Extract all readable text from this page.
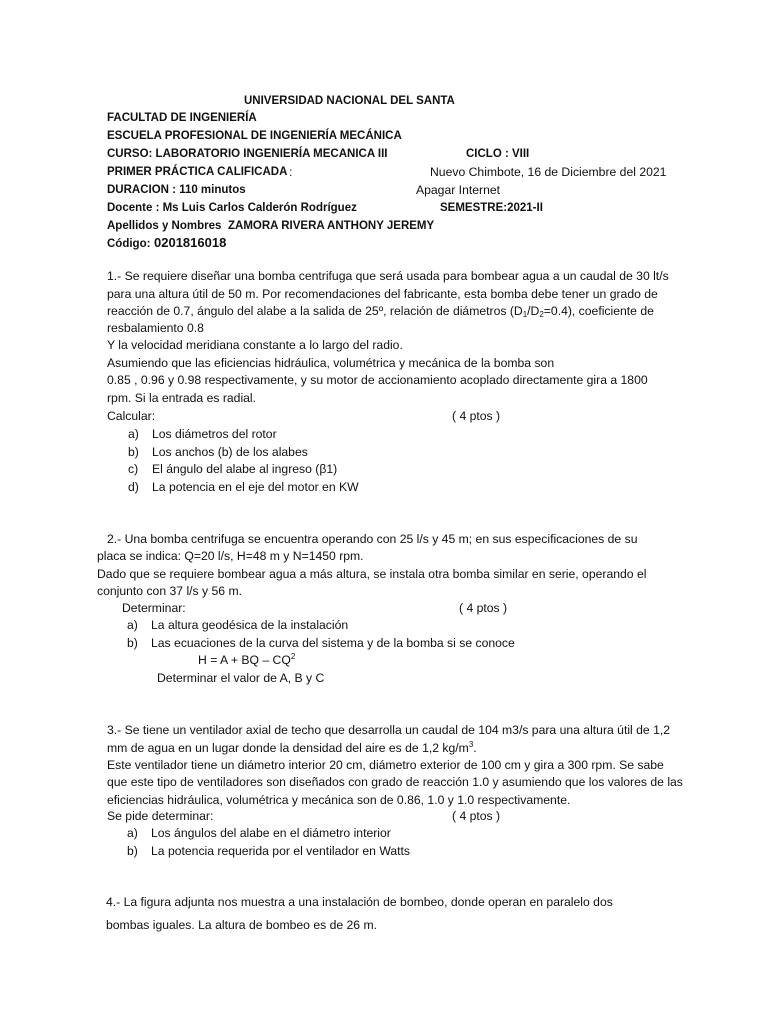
UNIVERSIDAD NACIONAL DEL SANTA
FACULTAD DE INGENIERÍA
ESCUELA PROFESIONAL DE INGENIERÍA MECÁNICA
CURSO: LABORATORIO INGENIERÍA MECANICA III	CICLO : VIII
PRIMER PRÁCTICA CALIFICADA :	Nuevo Chimbote, 16 de Diciembre del 2021
DURACION : 110 minutos	Apagar Internet
Docente : Ms Luis Carlos Calderón Rodríguez	SEMESTRE:2021-II
Apellidos y Nombres ZAMORA RIVERA ANTHONY JEREMY
Código: 0201816018
1.- Se requiere diseñar una bomba centrifuga que será usada para bombear agua a un caudal de 30 lt/s
para una altura útil de 50 m. Por recomendaciones del fabricante, esta bomba debe tener un grado de
reacción de 0.7, ángulo del alabe a la salida de 25º, relación de diámetros $(D_1/D_2=0.4)$, coeficiente de
resbalamiento 0.8
Y la velocidad meridiana constante a lo largo del radio.
Asumiendo que las eficiencias hidráulica, volumétrica y mecánica de la bomba son
0.85 , 0.96 y 0.98 respectivamente, y su motor de accionamiento acoplado directamente gira a 1800
rpm. Si la entrada es radial.
Calcular:	( 4 ptos )
a)	Los diámetros del rotor
b)	Los anchos (b) de los alabes
c)	El ángulo del alabe al ingreso (β1)
d)	La potencia en el eje del motor en KW
2.- Una bomba centrifuga se encuentra operando con 25 l/s y 45 m; en sus especificaciones de su
placa se indica: Q=20 l/s, H=48 m y N=1450 rpm.
Dado que se requiere bombear agua a más altura, se instala otra bomba similar en serie, operando el
conjunto con 37 l/s y 56 m.
Determinar:	( 4 ptos )
a)	La altura geodésica de la instalación
b)	Las ecuaciones de la curva del sistema y de la bomba si se conoce
H = A + BQ – $CQ^2$
Determinar el valor de A, B y C
3.- Se tiene un ventilador axial de techo que desarrolla un caudal de 104 m3/s para una altura útil de 1,2
mm de agua en un lugar donde la densidad del aire es de 1,2 $kg/m^3$.
Este ventilador tiene un diámetro interior 20 cm, diámetro exterior de 100 cm y gira a 300 rpm. Se sabe
que este tipo de ventiladores son diseñados con grado de reacción 1.0 y asumiendo que los valores de las
eficiencias hidráulica, volumétrica y mecánica son de 0.86, 1.0 y 1.0 respectivamente.
Se pide determinar:	( 4 ptos )
a)	Los ángulos del alabe en el diámetro interior
b)	La potencia requerida por el ventilador en Watts
4.- La figura adjunta nos muestra a una instalación de bombeo, donde operan en paralelo dos
bombas iguales. La altura de bombeo es de 26 m.
